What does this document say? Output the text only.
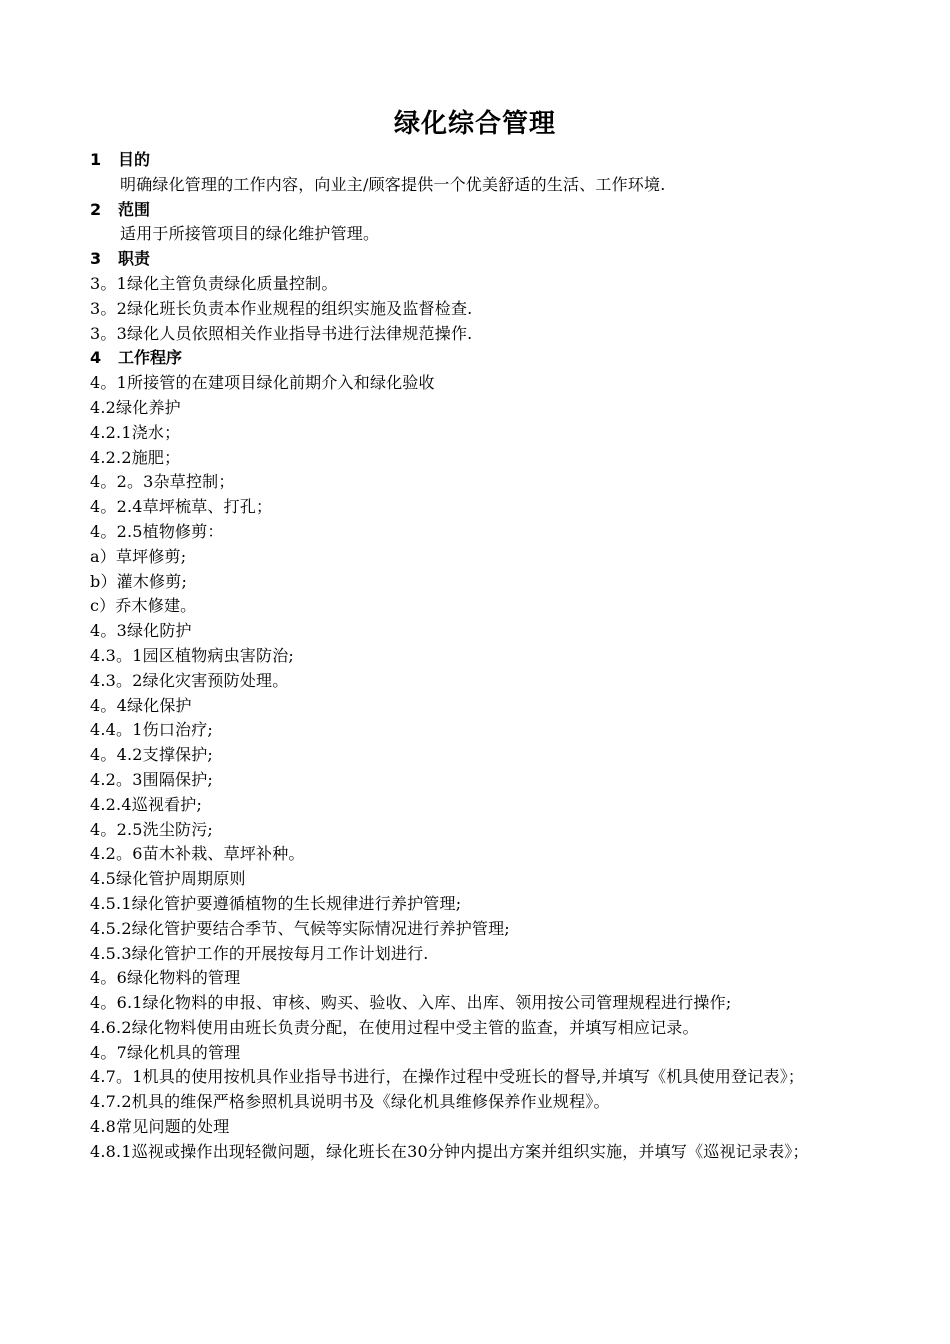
绿化综合管理
1 目的
明确绿化管理的工作内容，向业主/顾客提供一个优美舒适的生活、工作环境.
2 范围
适用于所接管项目的绿化维护管理。
3 职责
3。1绿化主管负责绿化质量控制。
3。2绿化班长负责本作业规程的组织实施及监督检查.
3。3绿化人员依照相关作业指导书进行法律规范操作.
4 工作程序
4。1所接管的在建项目绿化前期介入和绿化验收
4.2绿化养护
4.2.1浇水；
4.2.2施肥；
4。2。3杂草控制；
4。2.4草坪梳草、打孔；
4。2.5植物修剪：
a）草坪修剪;
b）灌木修剪;
c）乔木修建。
4。3绿化防护
4.3。1园区植物病虫害防治;
4.3。2绿化灾害预防处理。
4。4绿化保护
4.4。1伤口治疗;
4。4.2支撑保护;
4.2。3围隔保护;
4.2.4巡视看护;
4。2.5洗尘防污;
4.2。6苗木补栽、草坪补种。
4.5绿化管护周期原则
4.5.1绿化管护要遵循植物的生长规律进行养护管理;
4.5.2绿化管护要结合季节、气候等实际情况进行养护管理;
4.5.3绿化管护工作的开展按每月工作计划进行.
4。6绿化物料的管理
4。6.1绿化物料的申报、审核、购买、验收、入库、出库、领用按公司管理规程进行操作;
4.6.2绿化物料使用由班长负责分配，在使用过程中受主管的监查，并填写相应记录。
4。7绿化机具的管理
4.7。1机具的使用按机具作业指导书进行，在操作过程中受班长的督导,并填写《机具使用登记表》；
4.7.2机具的维保严格参照机具说明书及《绿化机具维修保养作业规程》。
4.8常见问题的处理
4.8.1巡视或操作出现轻微问题，绿化班长在30分钟内提出方案并组织实施，并填写《巡视记录表》；
